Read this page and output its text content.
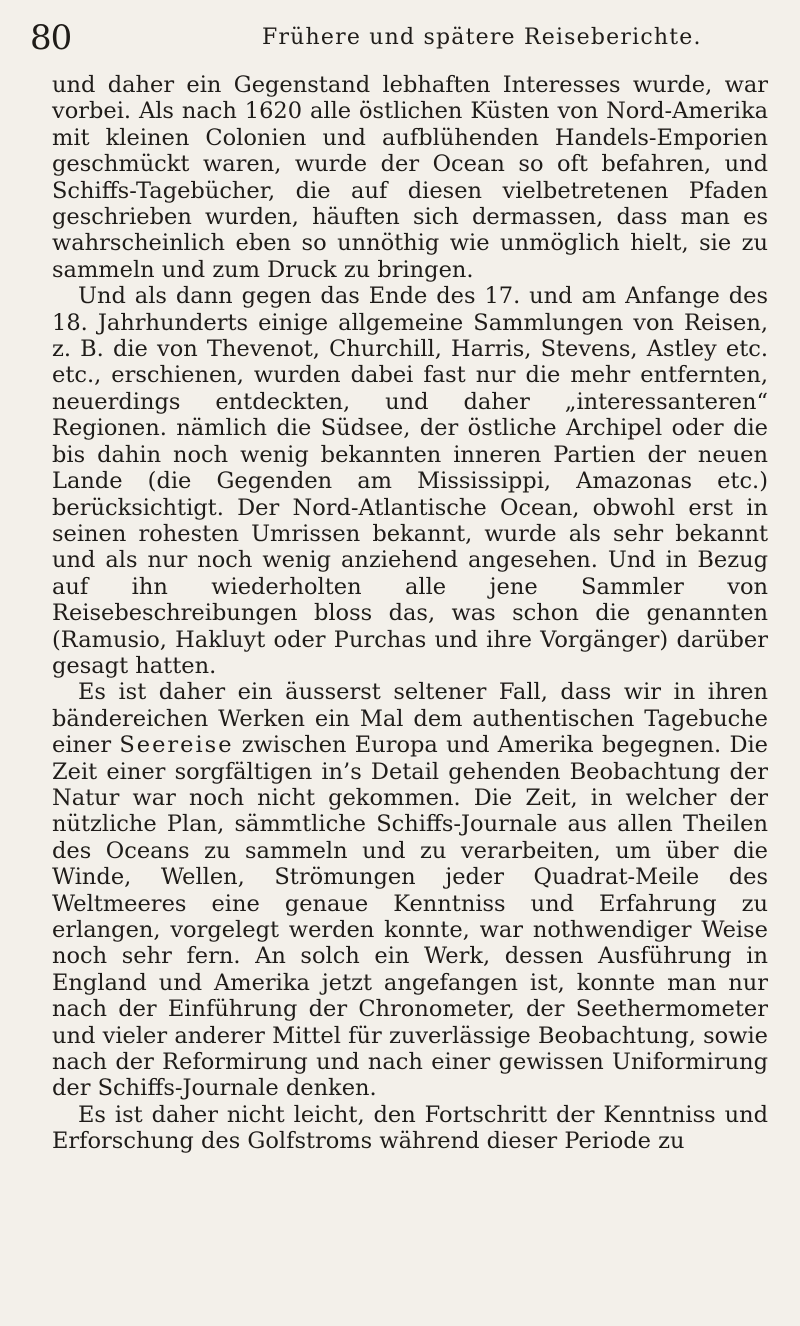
80	Frühere und spätere Reiseberichte.

und daher ein Gegenstand lebhaften Interesses wurde, war vorbei. Als nach 1620 alle östlichen Küsten von Nord-Amerika mit kleinen Colonien und aufblühenden Handels-Emporien geschmückt waren, wurde der Ocean so oft befahren, und Schiffs-Tagebücher, die auf diesen vielbetretenen Pfaden geschrieben wurden, häuften sich dermassen, dass man es wahrscheinlich eben so unnöthig wie unmöglich hielt, sie zu sammeln und zum Druck zu bringen.

Und als dann gegen das Ende des 17. und am Anfange des 18. Jahrhunderts einige allgemeine Sammlungen von Reisen, z. B. die von Thevenot, Churchill, Harris, Stevens, Astley etc. etc., erschienen, wurden dabei fast nur die mehr entfernten, neuerdings entdeckten, und daher „interessanteren“ Regionen. nämlich die Südsee, der östliche Archipel oder die bis dahin noch wenig bekannten inneren Partien der neuen Lande (die Gegenden am Mississippi, Amazonas etc.) berücksichtigt. Der Nord-Atlantische Ocean, obwohl erst in seinen rohesten Umrissen bekannt, wurde als sehr bekannt und als nur noch wenig anziehend angesehen. Und in Bezug auf ihn wiederholten alle jene Sammler von Reisebeschreibungen bloss das, was schon die genannten (Ramusio, Hakluyt oder Purchas und ihre Vorgänger) darüber gesagt hatten.

Es ist daher ein äusserst seltener Fall, dass wir in ihren bändereichen Werken ein Mal dem authentischen Tagebuche einer Seereise zwischen Europa und Amerika begegnen. Die Zeit einer sorgfältigen in’s Detail gehenden Beobachtung der Natur war noch nicht gekommen. Die Zeit, in welcher der nützliche Plan, sämmtliche Schiffs-Journale aus allen Theilen des Oceans zu sammeln und zu verarbeiten, um über die Winde, Wellen, Strömungen jeder Quadrat-Meile des Weltmeeres eine genaue Kenntniss und Erfahrung zu erlangen, vorgelegt werden konnte, war nothwendiger Weise noch sehr fern. An solch ein Werk, dessen Ausführung in England und Amerika jetzt angefangen ist, konnte man nur nach der Einführung der Chronometer, der Seethermometer und vieler anderer Mittel für zuverlässige Beobachtung, sowie nach der Reformirung und nach einer gewissen Uniformirung der Schiffs-Journale denken.

Es ist daher nicht leicht, den Fortschritt der Kenntniss und Erforschung des Golfstroms während dieser Periode zu
